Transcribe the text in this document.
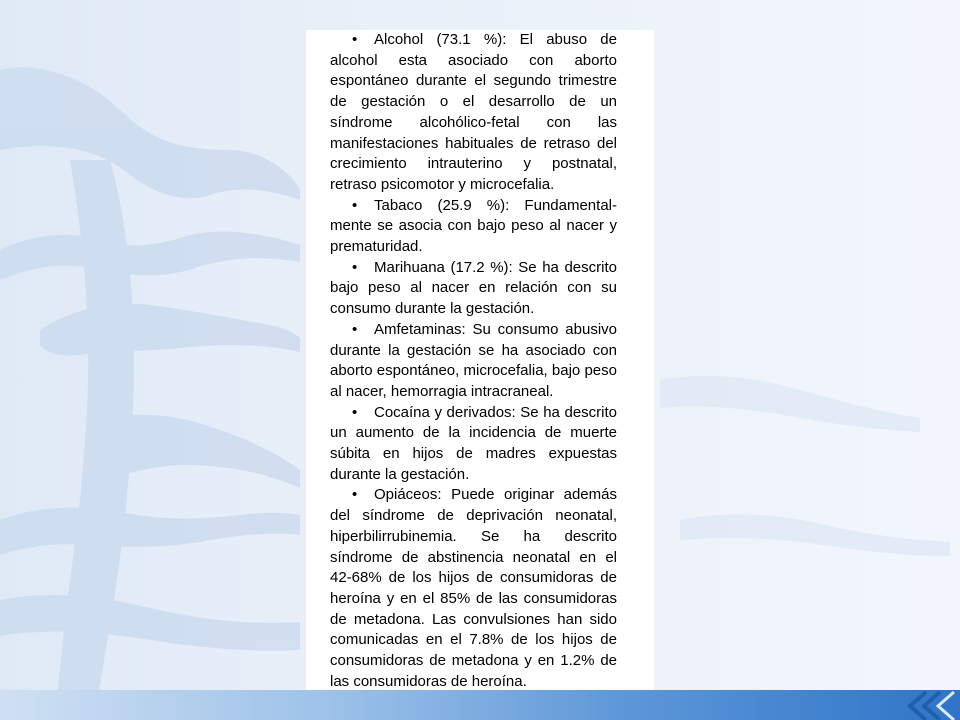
• Alcohol (73.1 %): El abuso de alcohol esta asociado con aborto espontáneo durante el segundo trimestre de gestación o el desarrollo de un síndrome alcohólico-fetal con las manifestaciones habituales de retraso del crecimiento intrauterino y postnatal, retraso psicomotor y microcefalia.

• Tabaco (25.9 %): Fundamental-mente se asocia con bajo peso al nacer y prematuridad.

• Marihuana (17.2 %): Se ha descrito bajo peso al nacer en relación con su consumo durante la gestación.

• Amfetaminas: Su consumo abusivo durante la gestación se ha asociado con aborto espontáneo, microcefalia, bajo peso al nacer, hemorragia intracraneal.

• Cocaína y derivados: Se ha descrito un aumento de la incidencia de muerte súbita en hijos de madres expuestas durante la gestación.

• Opiáceos: Puede originar además del síndrome de deprivación neonatal, hiperbilirrubinemia. Se ha descrito síndrome de abstinencia neonatal en el 42-68% de los hijos de consumidoras de heroína y en el 85% de las consumidoras de metadona. Las convulsiones han sido comunicadas en el 7.8% de los hijos de consumidoras de metadona y en 1.2% de las consumidoras de heroína.
